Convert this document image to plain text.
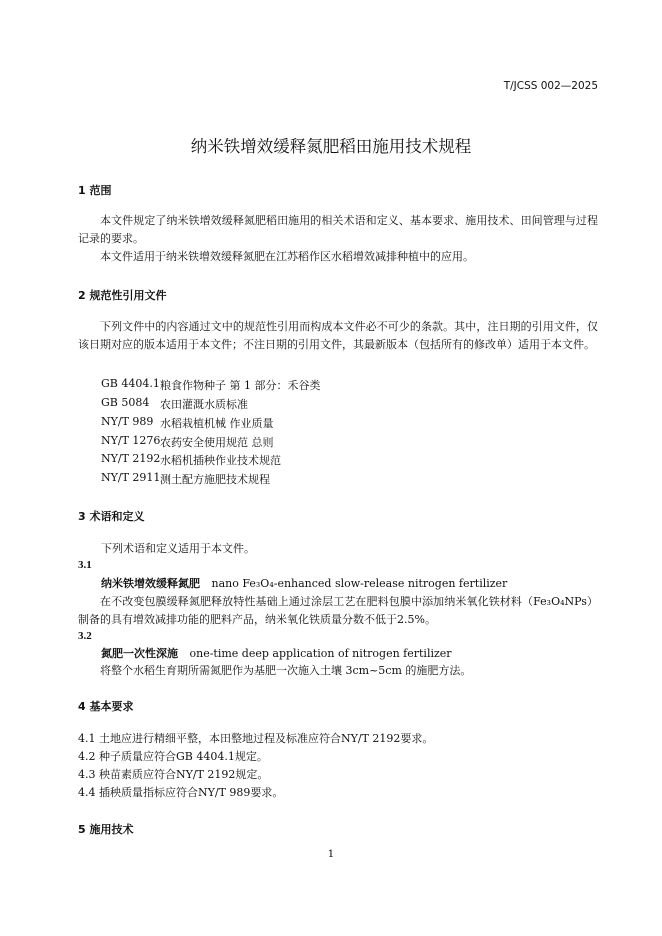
T/JCSS 002—2025
纳米铁增效缓释氮肥稻田施用技术规程
1 范围
本文件规定了纳米铁增效缓释氮肥稻田施用的相关术语和定义、基本要求、施用技术、田间管理与过程记录的要求。
本文件适用于纳米铁增效缓释氮肥在江苏稻作区水稻增效减排种植中的应用。
2 规范性引用文件
下列文件中的内容通过文中的规范性引用而构成本文件必不可少的条款。其中，注日期的引用文件，仅该日期对应的版本适用于本文件；不注日期的引用文件，其最新版本（包括所有的修改单）适用于本文件。
GB 4404.1 粮食作物种子 第 1 部分：禾谷类
GB 5084 农田灌溉水质标准
NY/T 989 水稻栽植机械 作业质量
NY/T 1276 农药安全使用规范 总则
NY/T 2192 水稻机插秧作业技术规范
NY/T 2911 测土配方施肥技术规程
3 术语和定义
下列术语和定义适用于本文件。
3.1
纳米铁增效缓释氮肥 nano Fe₃O₄-enhanced slow-release nitrogen fertilizer
在不改变包膜缓释氮肥释放特性基础上通过涂层工艺在肥料包膜中添加纳米氧化铁材料（Fe₃O₄NPs）制备的具有增效减排功能的肥料产品，纳米氧化铁质量分数不低于2.5%。
3.2
氮肥一次性深施 one-time deep application of nitrogen fertilizer
将整个水稻生育期所需氮肥作为基肥一次施入土壤 3cm~5cm 的施肥方法。
4 基本要求
4.1 土地应进行精细平整，本田整地过程及标准应符合NY/T 2192要求。
4.2 种子质量应符合GB 4404.1规定。
4.3 秧苗素质应符合NY/T 2192规定。
4.4 插秧质量指标应符合NY/T 989要求。
5 施用技术
1
